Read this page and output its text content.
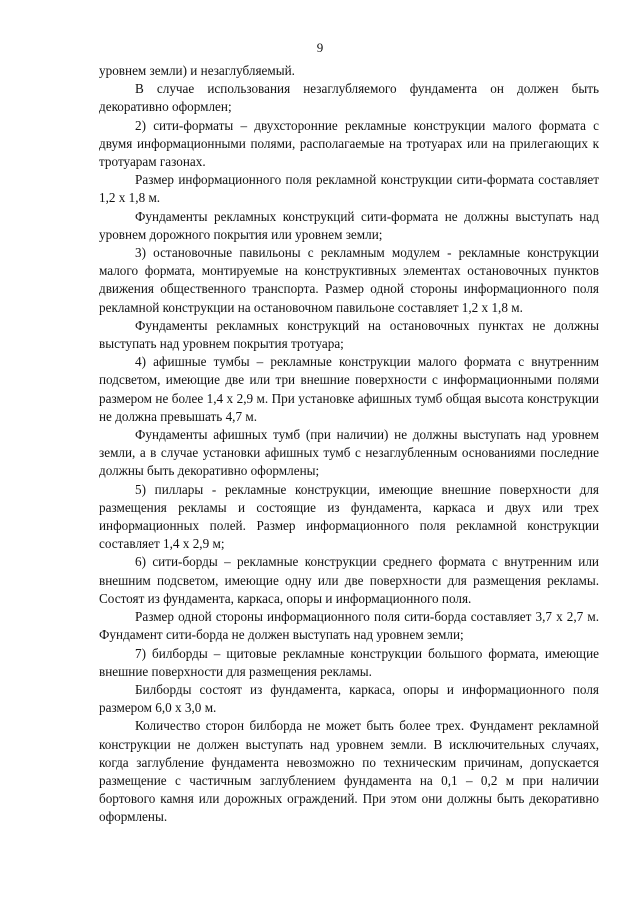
9

уровнем земли) и незаглубляемый.

В случае использования незаглубляемого фундамента он должен быть декоративно оформлен;

2) сити-форматы – двухсторонние рекламные конструкции малого формата с двумя информационными полями, располагаемые на тротуарах или на прилегающих к тротуарам газонах.

Размер информационного поля рекламной конструкции сити-формата составляет 1,2 х 1,8 м.

Фундаменты рекламных конструкций сити-формата не должны выступать над уровнем дорожного покрытия или уровнем земли;

3) остановочные павильоны с рекламным модулем - рекламные конструкции малого формата, монтируемые на конструктивных элементах остановочных пунктов движения общественного транспорта. Размер одной стороны информационного поля рекламной конструкции на остановочном павильоне составляет 1,2 х 1,8 м.

Фундаменты рекламных конструкций на остановочных пунктах не должны выступать над уровнем покрытия тротуара;

4) афишные тумбы – рекламные конструкции малого формата с внутренним подсветом, имеющие две или три внешние поверхности с информационными полями размером не более 1,4 х 2,9 м. При установке афишных тумб общая высота конструкции не должна превышать 4,7 м.

Фундаменты афишных тумб (при наличии) не должны выступать над уровнем земли, а в случае установки афишных тумб с незаглубленным основаниями последние должны быть декоративно оформлены;

5) пиллары - рекламные конструкции, имеющие внешние поверхности для размещения рекламы и состоящие из фундамента, каркаса и двух или трех информационных полей. Размер информационного поля рекламной конструкции составляет 1,4 х 2,9 м;

6) сити-борды – рекламные конструкции среднего формата с внутренним или внешним подсветом, имеющие одну или две поверхности для размещения рекламы. Состоят из фундамента, каркаса, опоры и информационного поля.

Размер одной стороны информационного поля сити-борда составляет 3,7 х 2,7 м. Фундамент сити-борда не должен выступать над уровнем земли;

7) билборды – щитовые рекламные конструкции большого формата, имеющие внешние поверхности для размещения рекламы.

Билборды состоят из фундамента, каркаса, опоры и информационного поля размером 6,0 х 3,0 м.

Количество сторон билборда не может быть более трех. Фундамент рекламной конструкции не должен выступать над уровнем земли. В исключительных случаях, когда заглубление фундамента невозможно по техническим причинам, допускается размещение с частичным заглублением фундамента на 0,1 – 0,2 м при наличии бортового камня или дорожных ограждений. При этом они должны быть декоративно оформлены.
